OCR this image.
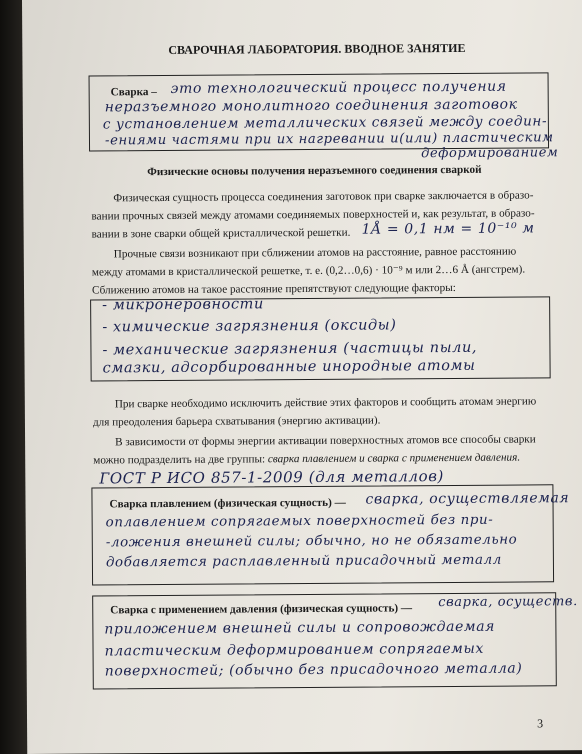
СВАРОЧНАЯ ЛАБОРАТОРИЯ. ВВОДНОЕ ЗАНЯТИЕ
Сварка – это технологический процесс получения
неразъемного монолитного соединения заготовок
с установлением металлических связей между соедин-
-ениями частями при их нагревании и(или) пластическим
деформированием
Физические основы получения неразъемного соединения сваркой
Физическая сущность процесса соединения заготовок при сварке заключается в образо-
вании прочных связей между атомами соединяемых поверхностей и, как результат, в образо-
вании в зоне сварки общей кристаллической решетки. 1Å = 0,1 нм = 10⁻¹⁰ м
Прочные связи возникают при сближении атомов на расстояние, равное расстоянию
между атомами в кристаллической решетке, т. е. (0,2…0,6) · 10⁻⁹ м или 2…6 Å (ангстрем).
Сближению атомов на такое расстояние препятствуют следующие факторы:
- микронеровности
- химические загрязнения (оксиды)
- механические загрязнения (частицы пыли,
смазки, адсорбированные инородные атомы
При сварке необходимо исключить действие этих факторов и сообщить атомам энергию
для преодоления барьера схватывания (энергию активации).
В зависимости от формы энергии активации поверхностных атомов все способы сварки
можно подразделить на две группы: сварка плавлением и сварка с применением давления.
ГОСТ Р ИСО 857-1-2009 (для металлов)
Сварка плавлением (физическая сущность) — сварка, осуществляемая
оплавлением сопрягаемых поверхностей без при-
-ложения внешней силы; обычно, но не обязательно
добавляется расплавленный присадочный металл
Сварка с применением давления (физическая сущность) — сварка, осуществ.
приложением внешней силы и сопровождаемая
пластическим деформированием сопрягаемых
поверхностей; (обычно без присадочного металла)
3
